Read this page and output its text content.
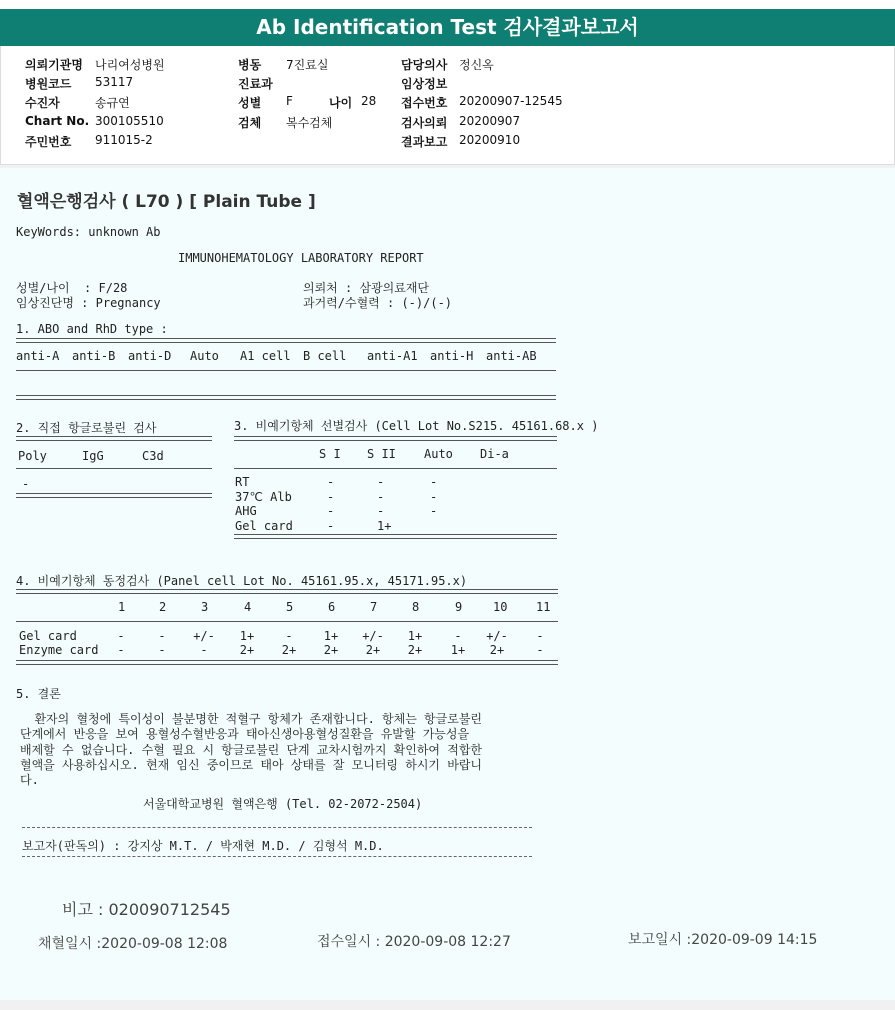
Ab Identification Test 검사결과보고서
의뢰기관명 나리여성병원
병원코드 53117
수진자	송규연
Chart No. 300105510
주민번호 911015-2
병동 7진료실
진료과
성별 F	나이 28
검체 복수검체
담당의사 정신옥
임상정보
접수번호 20200907-12545
검사의뢰 20200907
결과보고 20200910
혈액은행검사 ( L70 ) [ Plain Tube ]
KeyWords: unknown Ab
IMMUNOHEMATOLOGY LABORATORY REPORT
성별/나이  : F/28
임상진단명 : Pregnancy
의뢰처 : 삼광의료재단
과거력/수혈력 : (-)/(-)
1. ABO and RhD type :
anti-A anti-B anti-D Auto A1 cell B cell anti-A1 anti-H anti-AB
2. 직접 항글로불린 검사
Poly	IgG	C3d
-
3. 비예기항체 선별검사 (Cell Lot No.S215. 45161.68.x )
S I S II Auto Di-a
RT	-	-	-
37℃ Alb	-	-	-
AHG	-	-	-
Gel card	-	1+
4. 비예기항체 동정검사 (Panel cell Lot No. 45161.95.x, 45171.95.x)
1	2	3	4	5	6	7	8	9	10 11
Gel card	-	- +/- 1+	-	1+ +/- 1+	- +/- -
Enzyme card -	-	-	2+ 2+ 2+ 2+ 2+ 1+ 2+	-
5. 결론
환자의 혈청에 특이성이 불분명한 적혈구 항체가 존재합니다. 항체는 항글로불린
단계에서 반응을 보여 용혈성수혈반응과 태아신생아용혈성질환을 유발할 가능성을
배제할 수 없습니다. 수혈 필요 시 항글로불린 단계 교차시험까지 확인하여 적합한
혈액을 사용하십시오. 현재 임신 중이므로 태아 상태를 잘 모니터링 하시기 바랍니
다.
서울대학교병원 혈액은행 (Tel. 02-2072-2504)
보고자(판독의) : 강지상 M.T. / 박재현 M.D. / 김형석 M.D.
비고 : 020090712545
채혈일시 :2020-09-08 12:08	접수일시 : 2020-09-08 12:27	보고일시 :2020-09-09 14:15
